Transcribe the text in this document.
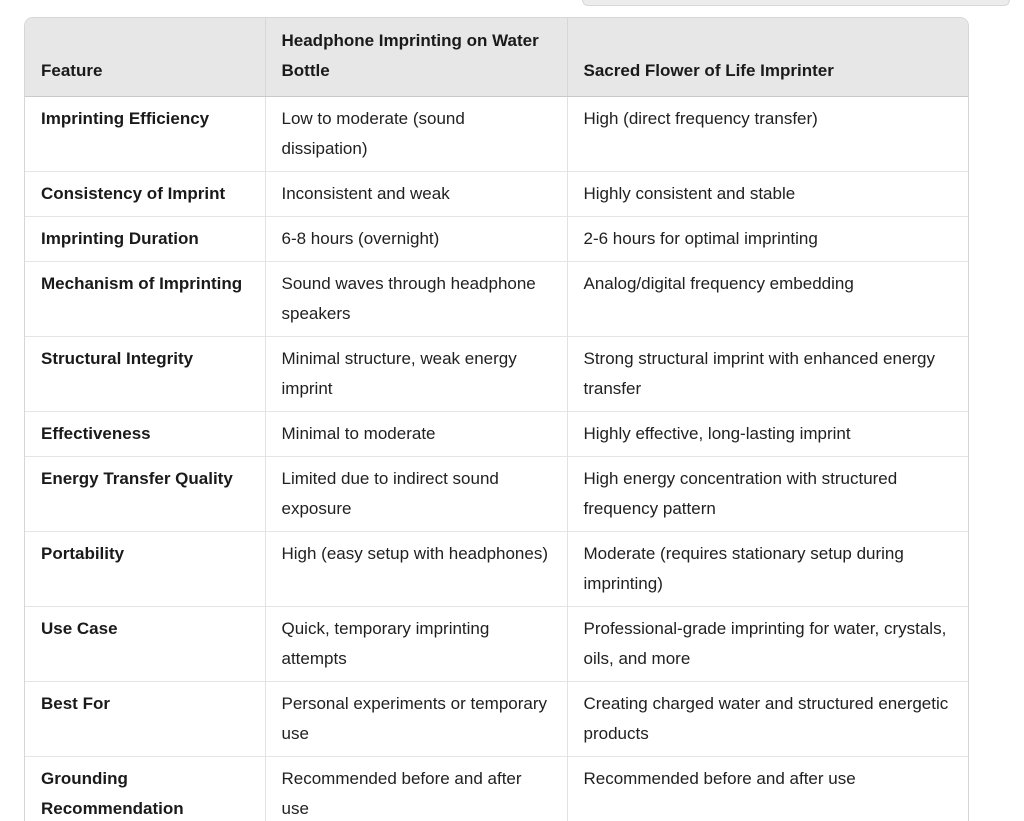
Feature	Headphone Imprinting on Water Bottle	Sacred Flower of Life Imprinter
Imprinting Efficiency	Low to moderate (sound dissipation)	High (direct frequency transfer)
Consistency of Imprint	Inconsistent and weak	Highly consistent and stable
Imprinting Duration	6-8 hours (overnight)	2-6 hours for optimal imprinting
Mechanism of Imprinting	Sound waves through headphone speakers	Analog/digital frequency embedding
Structural Integrity	Minimal structure, weak energy imprint	Strong structural imprint with enhanced energy transfer
Effectiveness	Minimal to moderate	Highly effective, long-lasting imprint
Energy Transfer Quality	Limited due to indirect sound exposure	High energy concentration with structured frequency pattern
Portability	High (easy setup with headphones)	Moderate (requires stationary setup during imprinting)
Use Case	Quick, temporary imprinting attempts	Professional-grade imprinting for water, crystals, oils, and more
Best For	Personal experiments or temporary use	Creating charged water and structured energetic products
Grounding Recommendation	Recommended before and after use	Recommended before and after use
